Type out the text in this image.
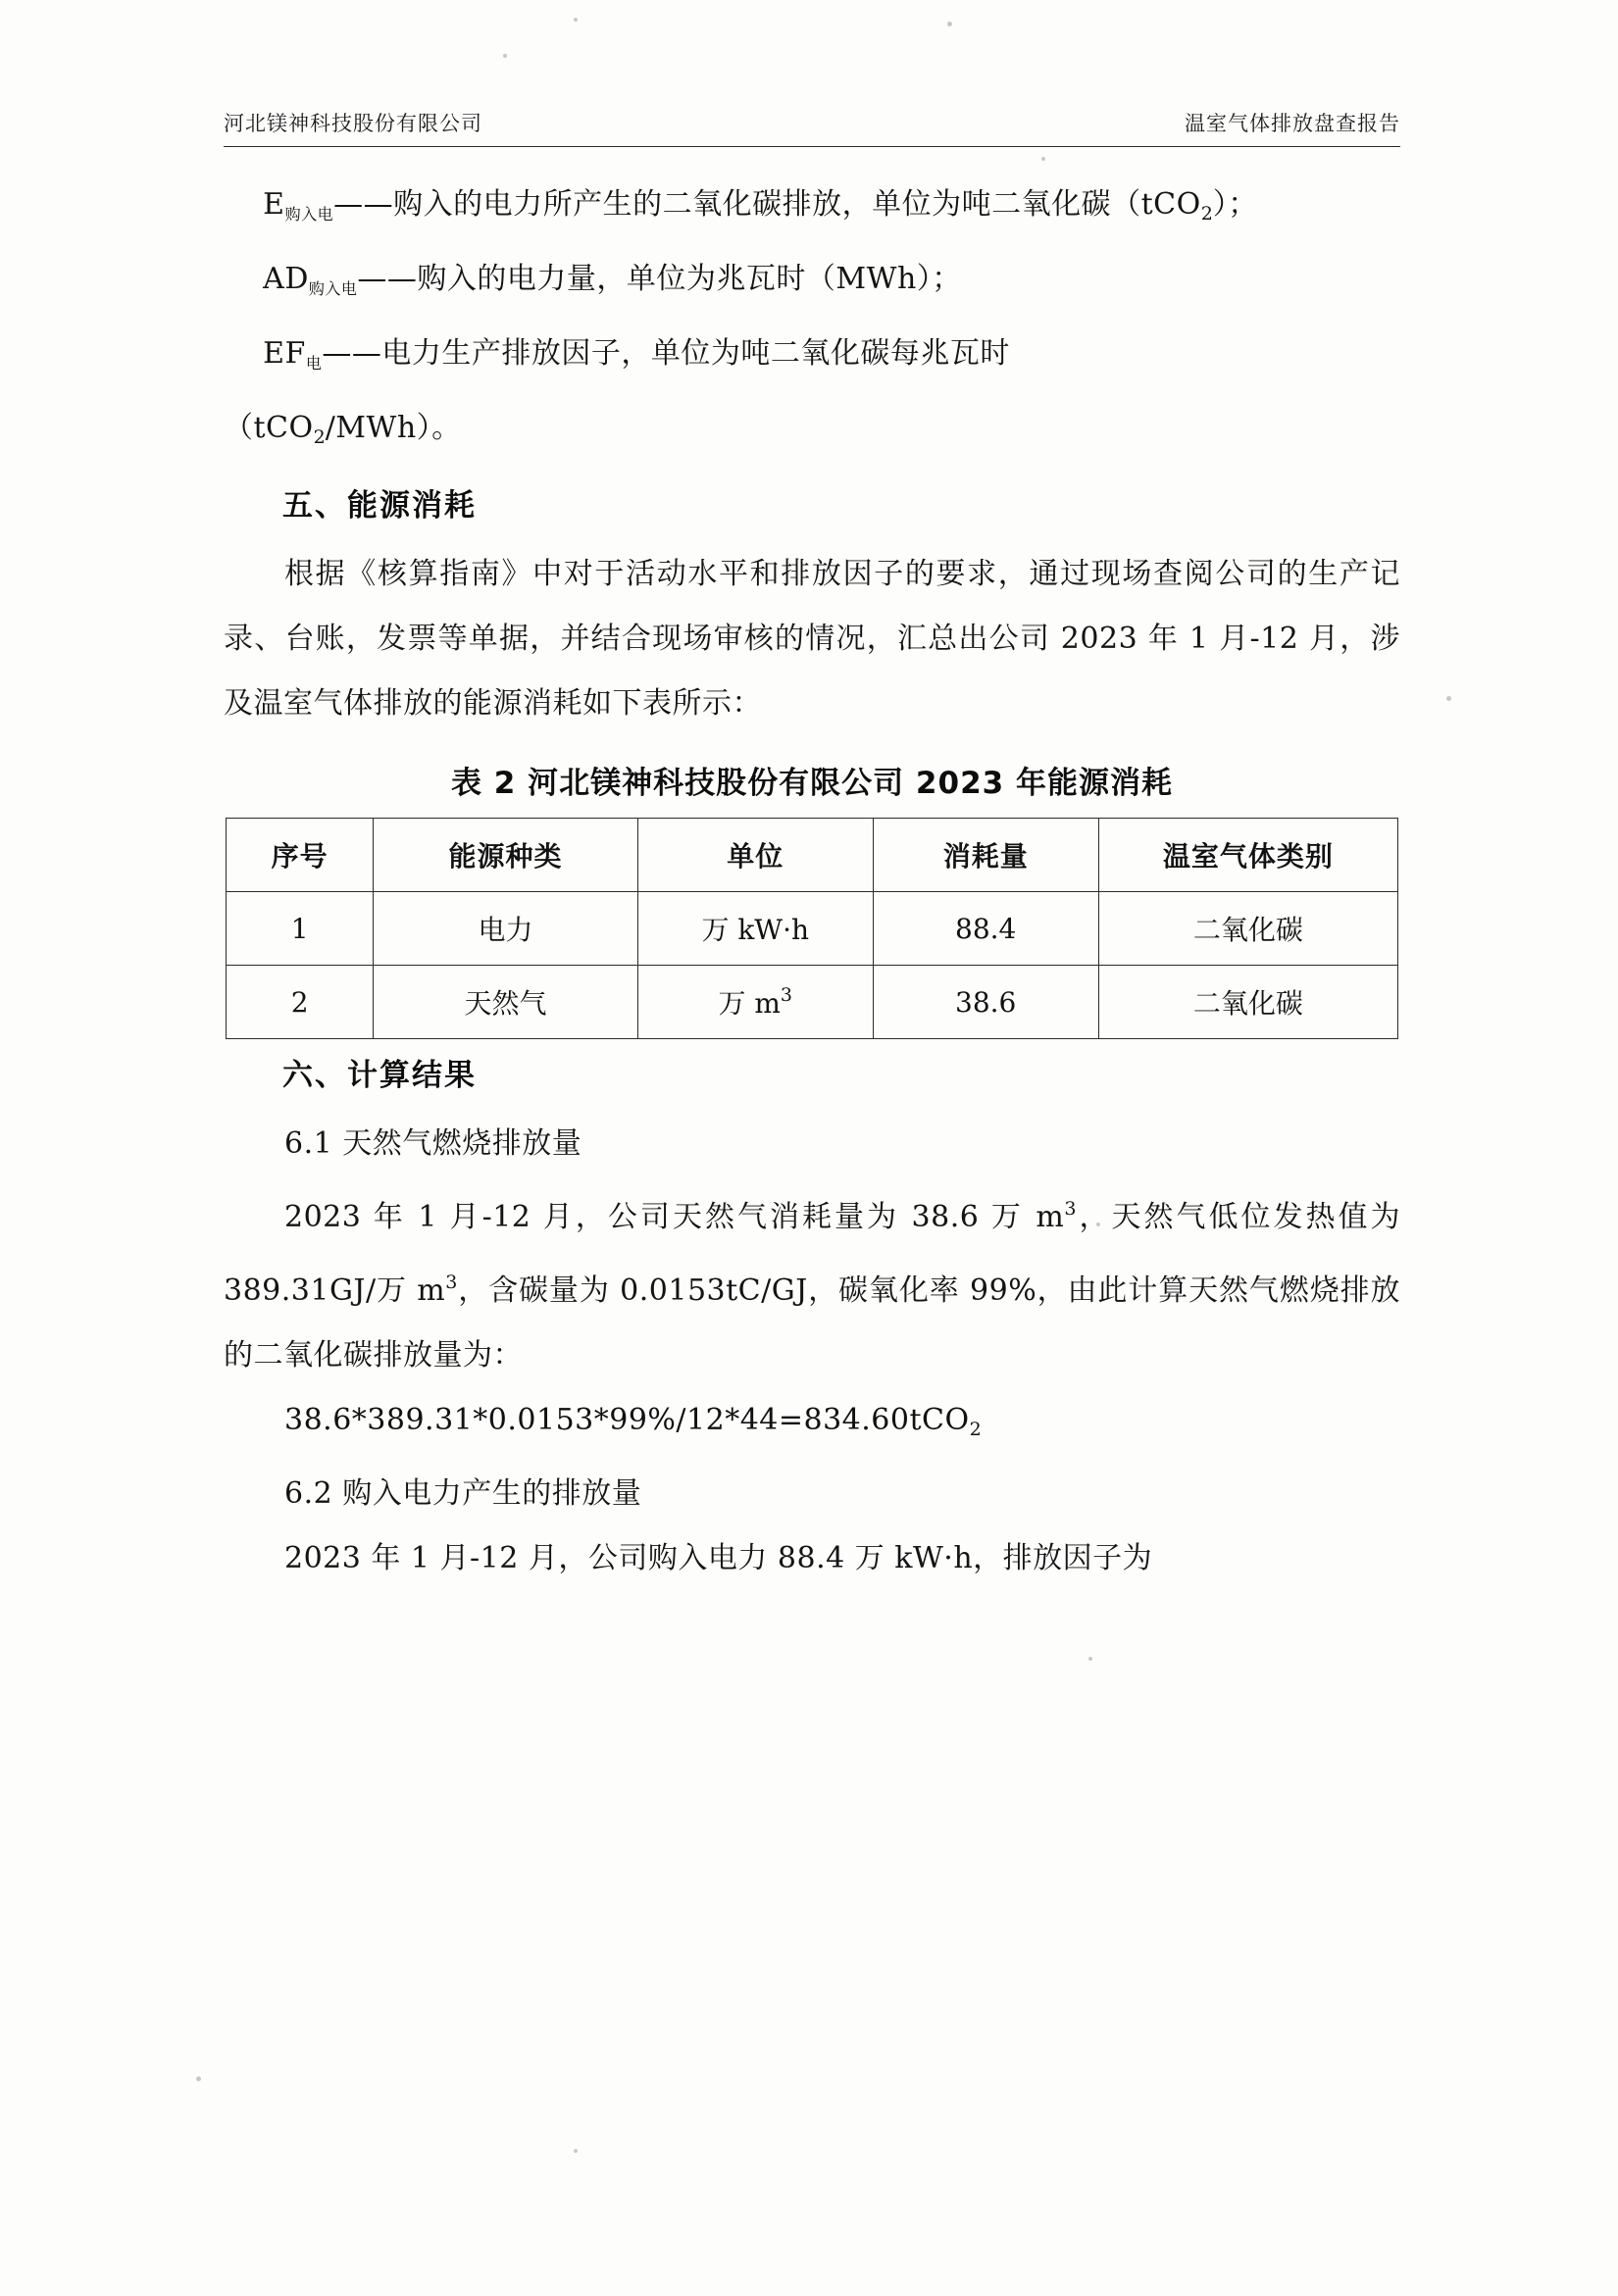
河北镁神科技股份有限公司	温室气体排放盘查报告
$E_{购入电}——$购入的电力所产生的二氧化碳排放，单位为吨二氧化碳（tCO$_2$）；
$AD_{购入电}——$购入的电力量，单位为兆瓦时（MWh）；
$EF_电——$电力生产排放因子，单位为吨二氧化碳每兆瓦时
（tCO$_2$/MWh）。
五、能源消耗
根据《核算指南》中对于活动水平和排放因子的要求，通过现场查阅公司的生产记录、台账，发票等单据，并结合现场审核的情况，汇总出公司 2023 年 1 月-12 月，涉及温室气体排放的能源消耗如下表所示：
表 2 河北镁神科技股份有限公司 2023 年能源消耗
序号	能源种类	单位	消耗量	温室气体类别
1	电力	万 kW·h	88.4	二氧化碳
2	天然气	万 $m^3$	38.6	二氧化碳
六、计算结果
6.1 天然气燃烧排放量
2023 年 1 月-12 月，公司天然气消耗量为 38.6 万 $m^3$，天然气低位发热值为 389.31GJ/万 $m^3$，含碳量为 0.0153tC/GJ，碳氧化率 99%，由此计算天然气燃烧排放的二氧化碳排放量为：
38.6*389.31*0.0153*99%/12*44=834.60tCO$_2$
6.2 购入电力产生的排放量
2023 年 1 月-12 月，公司购入电力 88.4 万 kW·h，排放因子为
